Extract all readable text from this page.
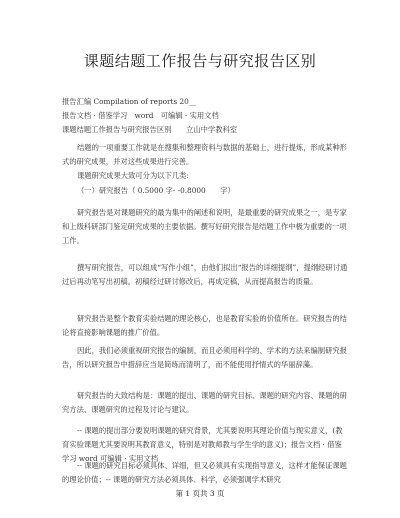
课题结题工作报告与研究报告区别
报告汇编 Compilation of reports 20__
报告文档 · 借鉴学习　word　可编辑 · 实用文档
课题结题工作报告与研究报告区别　　立山中学教科室
结题的一项重要工作就是在搜集和整理资料与数据的基础上，进行提炼，形成某种形式的研究成果，并对这些成果进行完善。
课题研究成果大致可分为以下几类:
（一）研究报告（ 0.5000 字- -0.8000　　字）
研究报告是对课题研究的最为集中的阐述和说明，是最重要的研究成果之一，是专家和上级科研部门鉴定研究成果的主要依据。撰写好研究报告是结题工作中极为重要的一项工作。
撰写研究报告，可以组成“写作小组”，由他们拟出“报告的详细提纲”，提纲经研讨通过后再动笔写出初稿。初稿经过研讨修改后，再成定稿，从而提高报告的质量。
研究报告是整个教育实验结题的理论核心，也是教育实验的价值所在。研究报告的结论将直接影响课题的推广价值。
因此，我们必须重视研究报告的编制，而且必须用科学的、学术的方法来编制研究报告，所以研究报告中措辞应当是简练而清明了，而不能使用抒情式的华丽辞藻。
研究报告的大致结构是：课题的提出、课题的研究目标、课题的研究内容、课题的研究方法、课题研究的过程及讨论与建议。
-- 课题的提出部分要说明课题的研究背景，尤其要说明其理论价值与现实意义，(教育实验课题尤其要说明其教育意义，特别是对教师教与学生学的意义)；报告文档 · 借鉴学习 word 可编辑 · 实用文档
-- 课题的研究目标必须具体、详细，但又必须具有实现指导意义，这样才能保证课题的理论价值；-- 课题的研究方法必须具体、科学，必须强调学术研究
第 1 页共 3 页
